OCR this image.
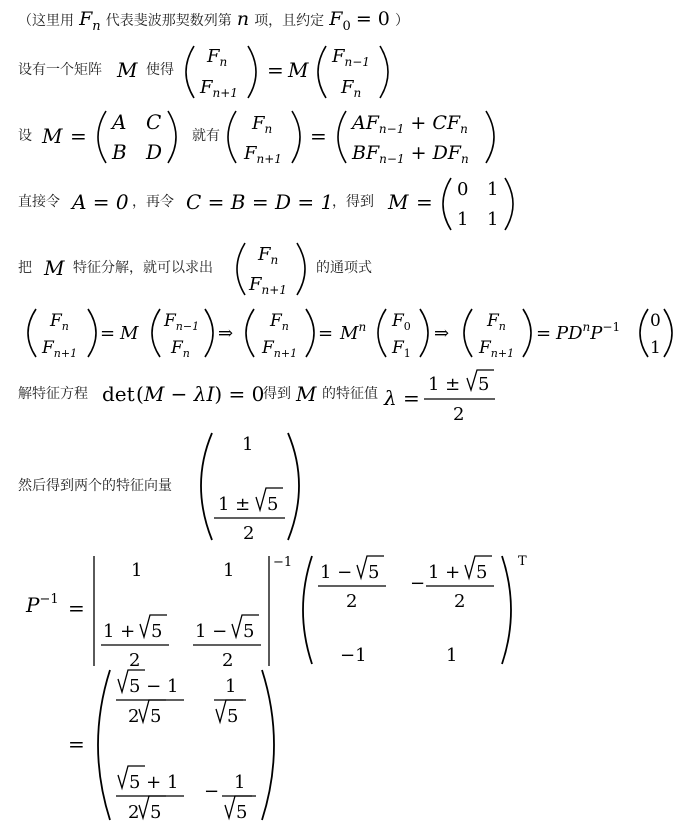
（这里用 $F_n$ 代表斐波那契数列第 n 项，且约定 $F_0 = 0$ ）
设有一个矩阵 M 使得
$F_n$
$F_{n+1}$
= M
$F_{n-1}$
$F_n$
设 M =
A C
B D
就有
$F_n$
$F_{n+1}$
=
$AF_{n-1} + CF_n$
$BF_{n-1} + DF_n$
直接令 A = 0 ，再令 C = B = D = 1
，得到 M =
0 1
1 1
把 M 特征分解，就可以求出
$F_n$
$F_{n+1}$
的通项式
$F_n$
$F_{n+1}$
= M
$F_{n-1}$
$F_n$
⇒
$F_n$
$F_{n+1}$
= $M^n$ $F_0$
$F_1$
⇒
$F_n$
$F_{n+1}$
= $PD^nP^{-1}$ 0
1
解特征方程 det (M − λI) = 0
得到 M 的特征值 λ =
1 ± 5
2
然后得到两个的特征向量
1
1 ± 5
2
$P^{-1}$ =
1	1
1 + 5
2
1 − 5
2
−1 1 − 5
2
−
1 + 5
2
−1	1
T
=
5 − 1
2 5
1
5
5 + 1
2 5
− 1
5
